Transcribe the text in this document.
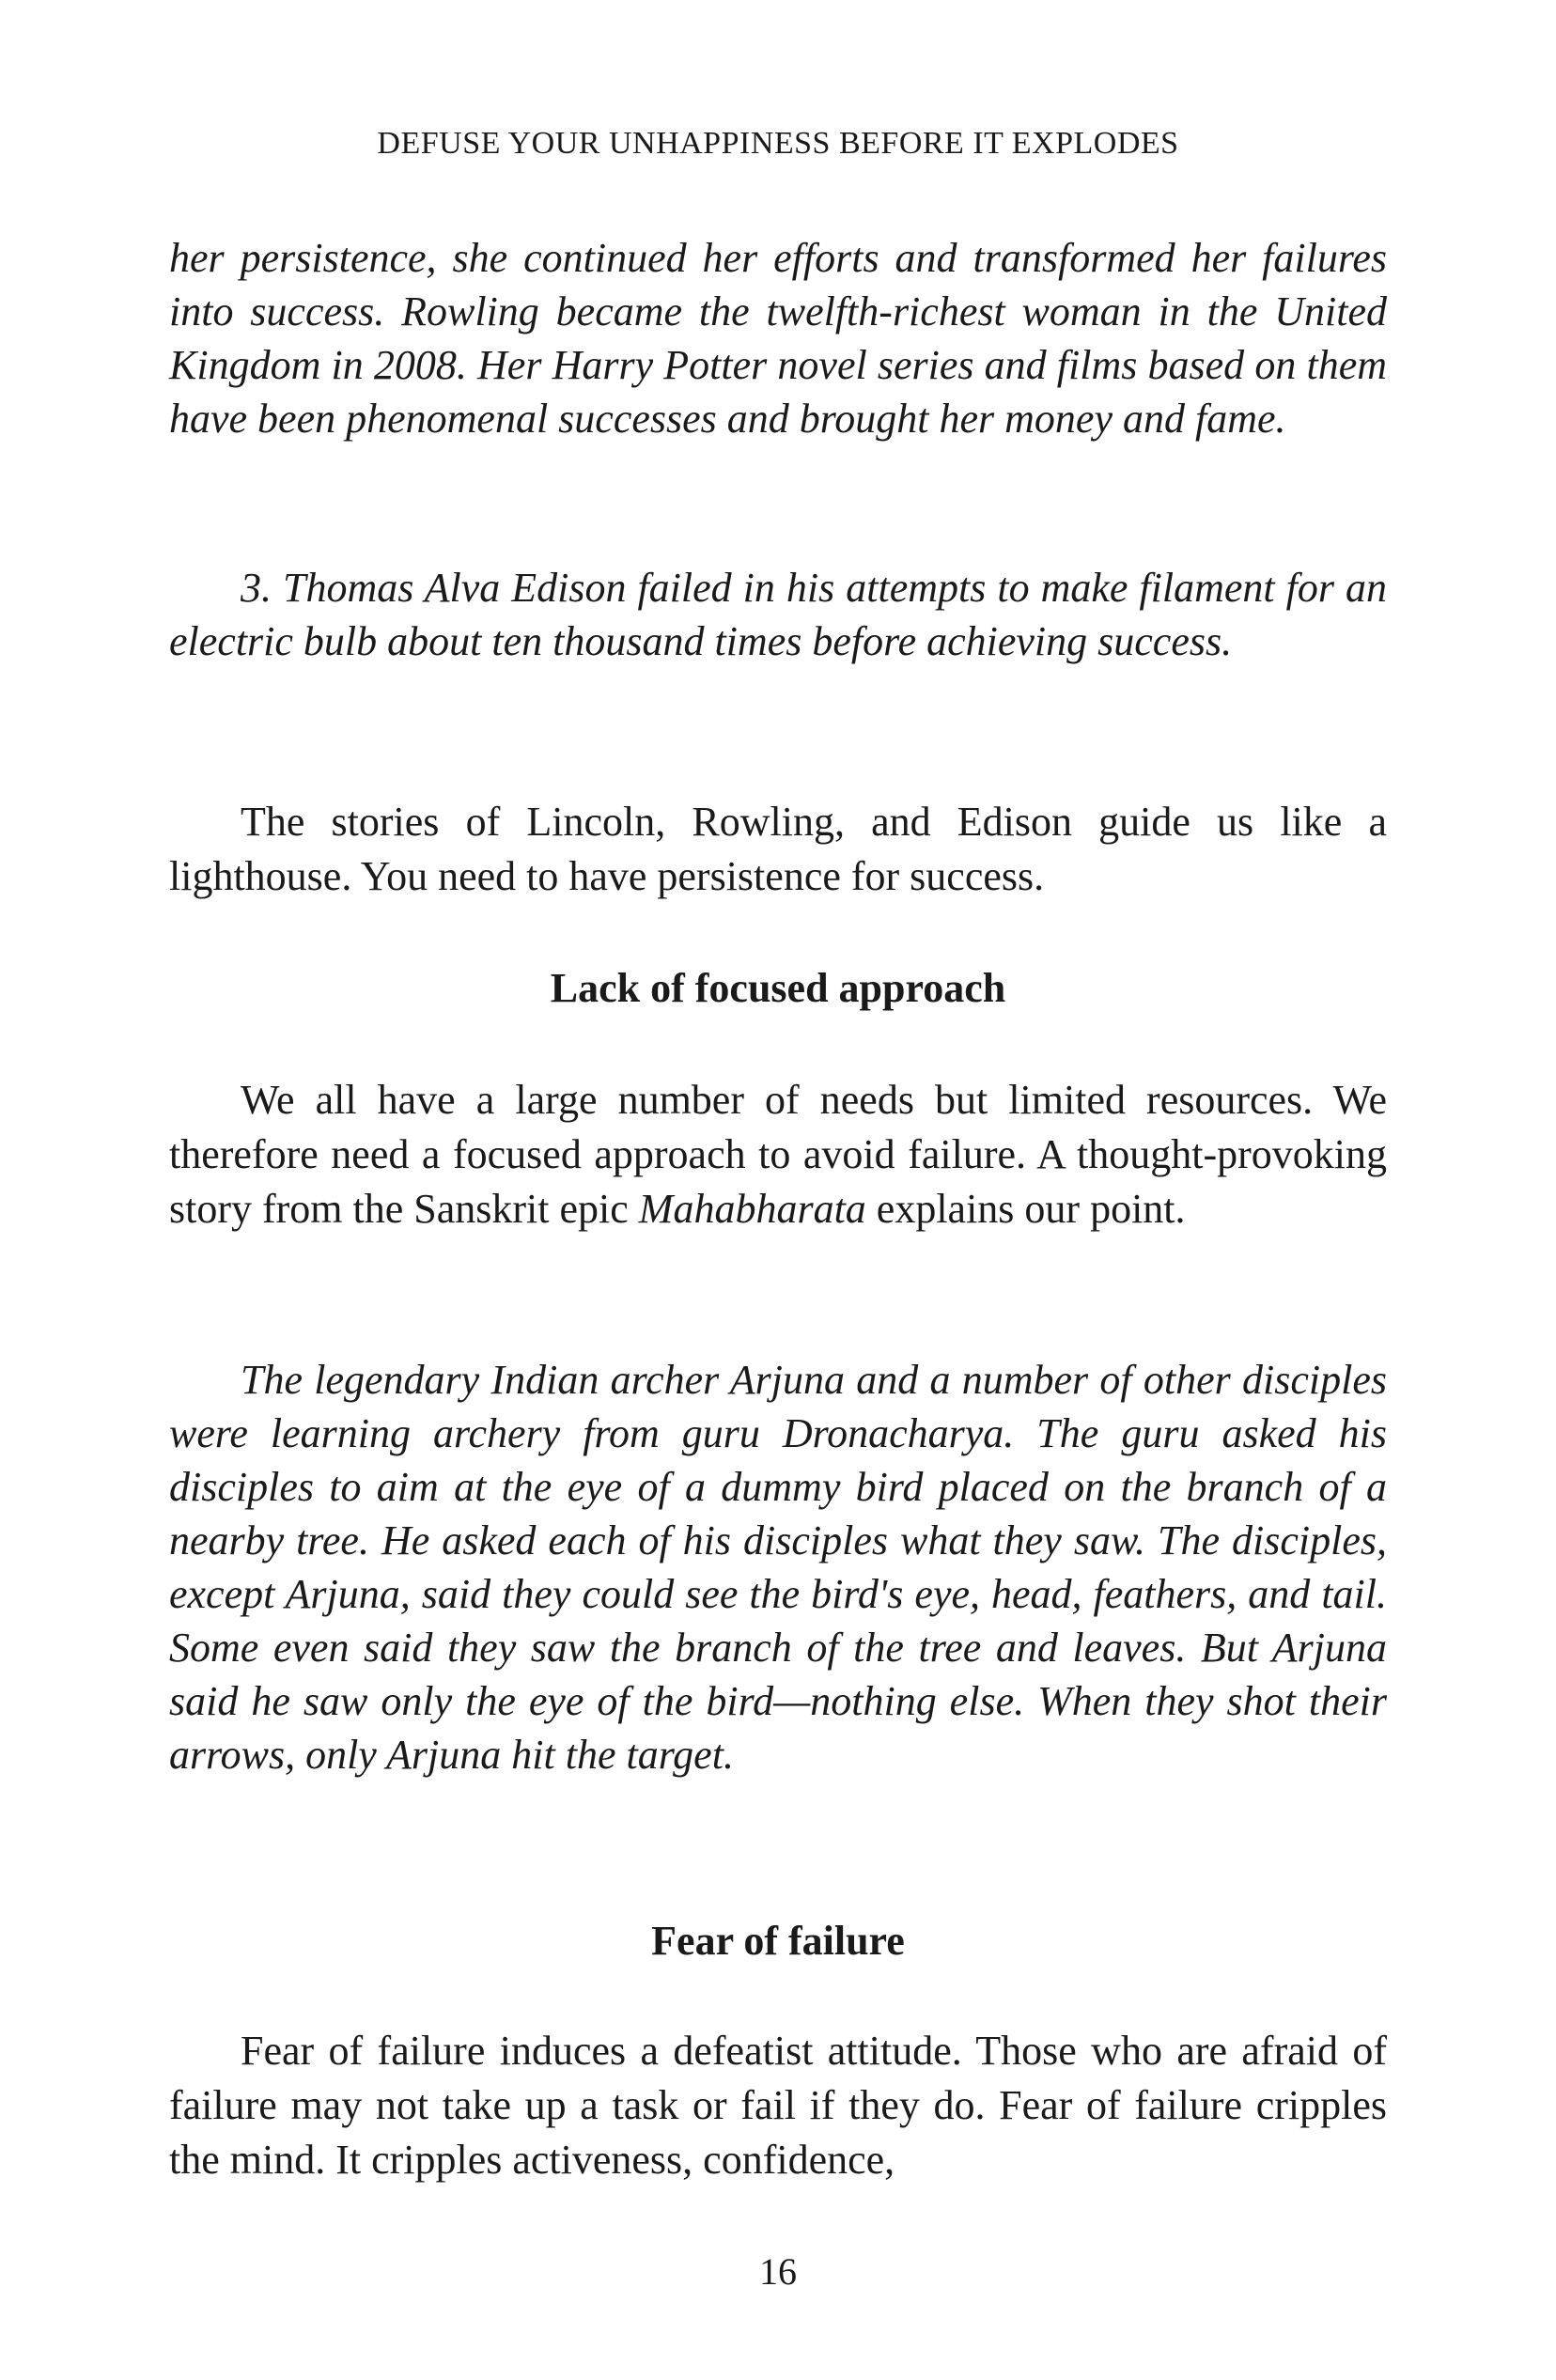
DEFUSE YOUR UNHAPPINESS BEFORE IT EXPLODES
her persistence, she continued her efforts and transformed her failures into success. Rowling became the twelfth-richest woman in the United Kingdom in 2008. Her Harry Potter novel series and films based on them have been phenomenal successes and brought her money and fame.
3. Thomas Alva Edison failed in his attempts to make filament for an electric bulb about ten thousand times before achieving success.
The stories of Lincoln, Rowling, and Edison guide us like a lighthouse. You need to have persistence for success.
Lack of focused approach
We all have a large number of needs but limited resources. We therefore need a focused approach to avoid failure. A thought-provoking story from the Sanskrit epic Mahabharata explains our point.
The legendary Indian archer Arjuna and a number of other disciples were learning archery from guru Dronacharya. The guru asked his disciples to aim at the eye of a dummy bird placed on the branch of a nearby tree. He asked each of his disciples what they saw. The disciples, except Arjuna, said they could see the bird's eye, head, feathers, and tail. Some even said they saw the branch of the tree and leaves. But Arjuna said he saw only the eye of the bird—nothing else. When they shot their arrows, only Arjuna hit the target.
Fear of failure
Fear of failure induces a defeatist attitude. Those who are afraid of failure may not take up a task or fail if they do. Fear of failure cripples the mind. It cripples activeness, confidence,
16
